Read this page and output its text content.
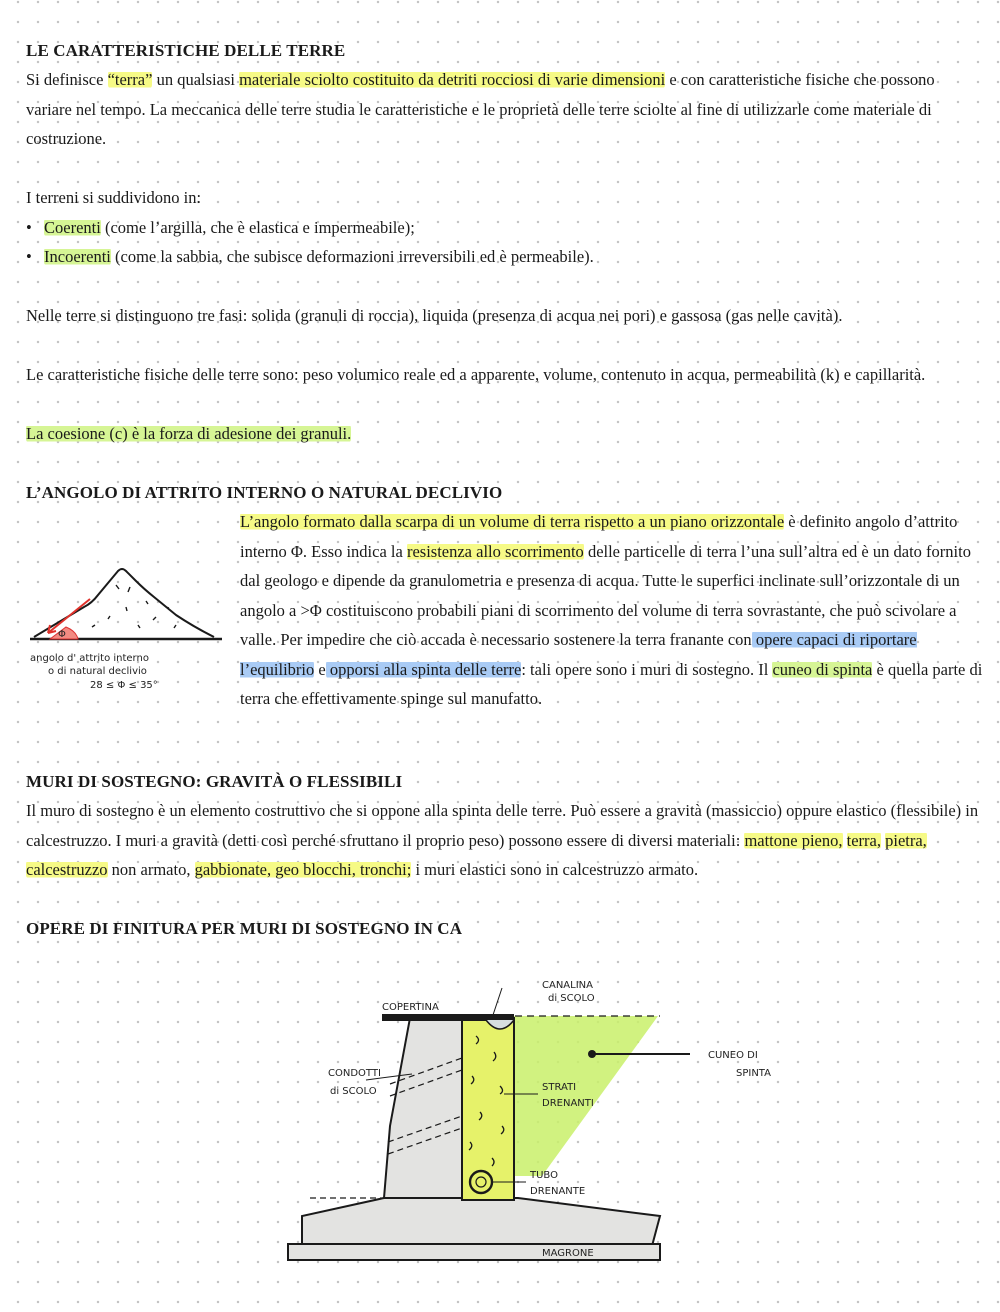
LE CARATTERISTICHE DELLE TERRE

Si definisce “terra” un qualsiasi materiale sciolto costituito da detriti rocciosi di varie dimensioni e con caratteristiche fisiche che possono variare nel tempo. La meccanica delle terre studia le caratteristiche e le proprietà delle terre sciolte al fine di utilizzarle come materiale di costruzione.

I terreni si suddividono in:

• Coerenti (come l’argilla, che è elastica e impermeabile);
• Incoerenti (come la sabbia, che subisce deformazioni irreversibili ed è permeabile).

Nelle terre si distinguono tre fasi: solida (granuli di roccia), liquida (presenza di acqua nei pori) e gassosa (gas nelle cavità).

Le caratteristiche fisiche delle terre sono: peso volumico reale ed a apparente, volume, contenuto in acqua, permeabilità (k) e capillarità.

La coesione (c) è la forza di adesione dei granuli.

L’ANGOLO DI ATTRITO INTERNO O NATURAL DECLIVIO
Φ
angolo d' attrito interno
o di natural declivio
28 ≤ Φ ≤ 35°

L’angolo formato dalla scarpa di un volume di terra rispetto a un piano orizzontale è definito angolo d’attrito interno Φ. Esso indica la resistenza allo scorrimento delle particelle di terra l’una sull’altra ed è un dato fornito dal geologo e dipende da granulometria e presenza di acqua. Tutte le superfici inclinate sull’orizzontale di un angolo a >Φ costituiscono probabili piani di scorrimento del volume di terra sovrastante, che può scivolare a valle. Per impedire che ciò accada è necessario sostenere la terra franante con opere capaci di riportare l’equilibrio e opporsi alla spinta delle terre: tali opere sono i muri di sostegno. Il cuneo di spinta è quella parte di terra che effettivamente spinge sul manufatto.

MURI DI SOSTEGNO: GRAVITÀ O FLESSIBILI

Il muro di sostegno è un elemento costruttivo che si oppone alla spinta delle terre. Può essere a gravità (massiccio) oppure elastico (flessibile) in calcestruzzo. I muri a gravità (detti così perché sfruttano il proprio peso) possono essere di diversi materiali: mattone pieno, terra, pietra, calcestruzzo non armato, gabbionate, geo blocchi, tronchi; i muri elastici sono in calcestruzzo armato.

OPERE DI FINITURA PER MURI DI SOSTEGNO IN CA
CANALINA
di SCOLO
COPERTINA
CONDOTTI
di SCOLO	STRATI
DRENANTI
TUBO
DRENANTE
MAGRONE
CUNEO DI
SPINTA
